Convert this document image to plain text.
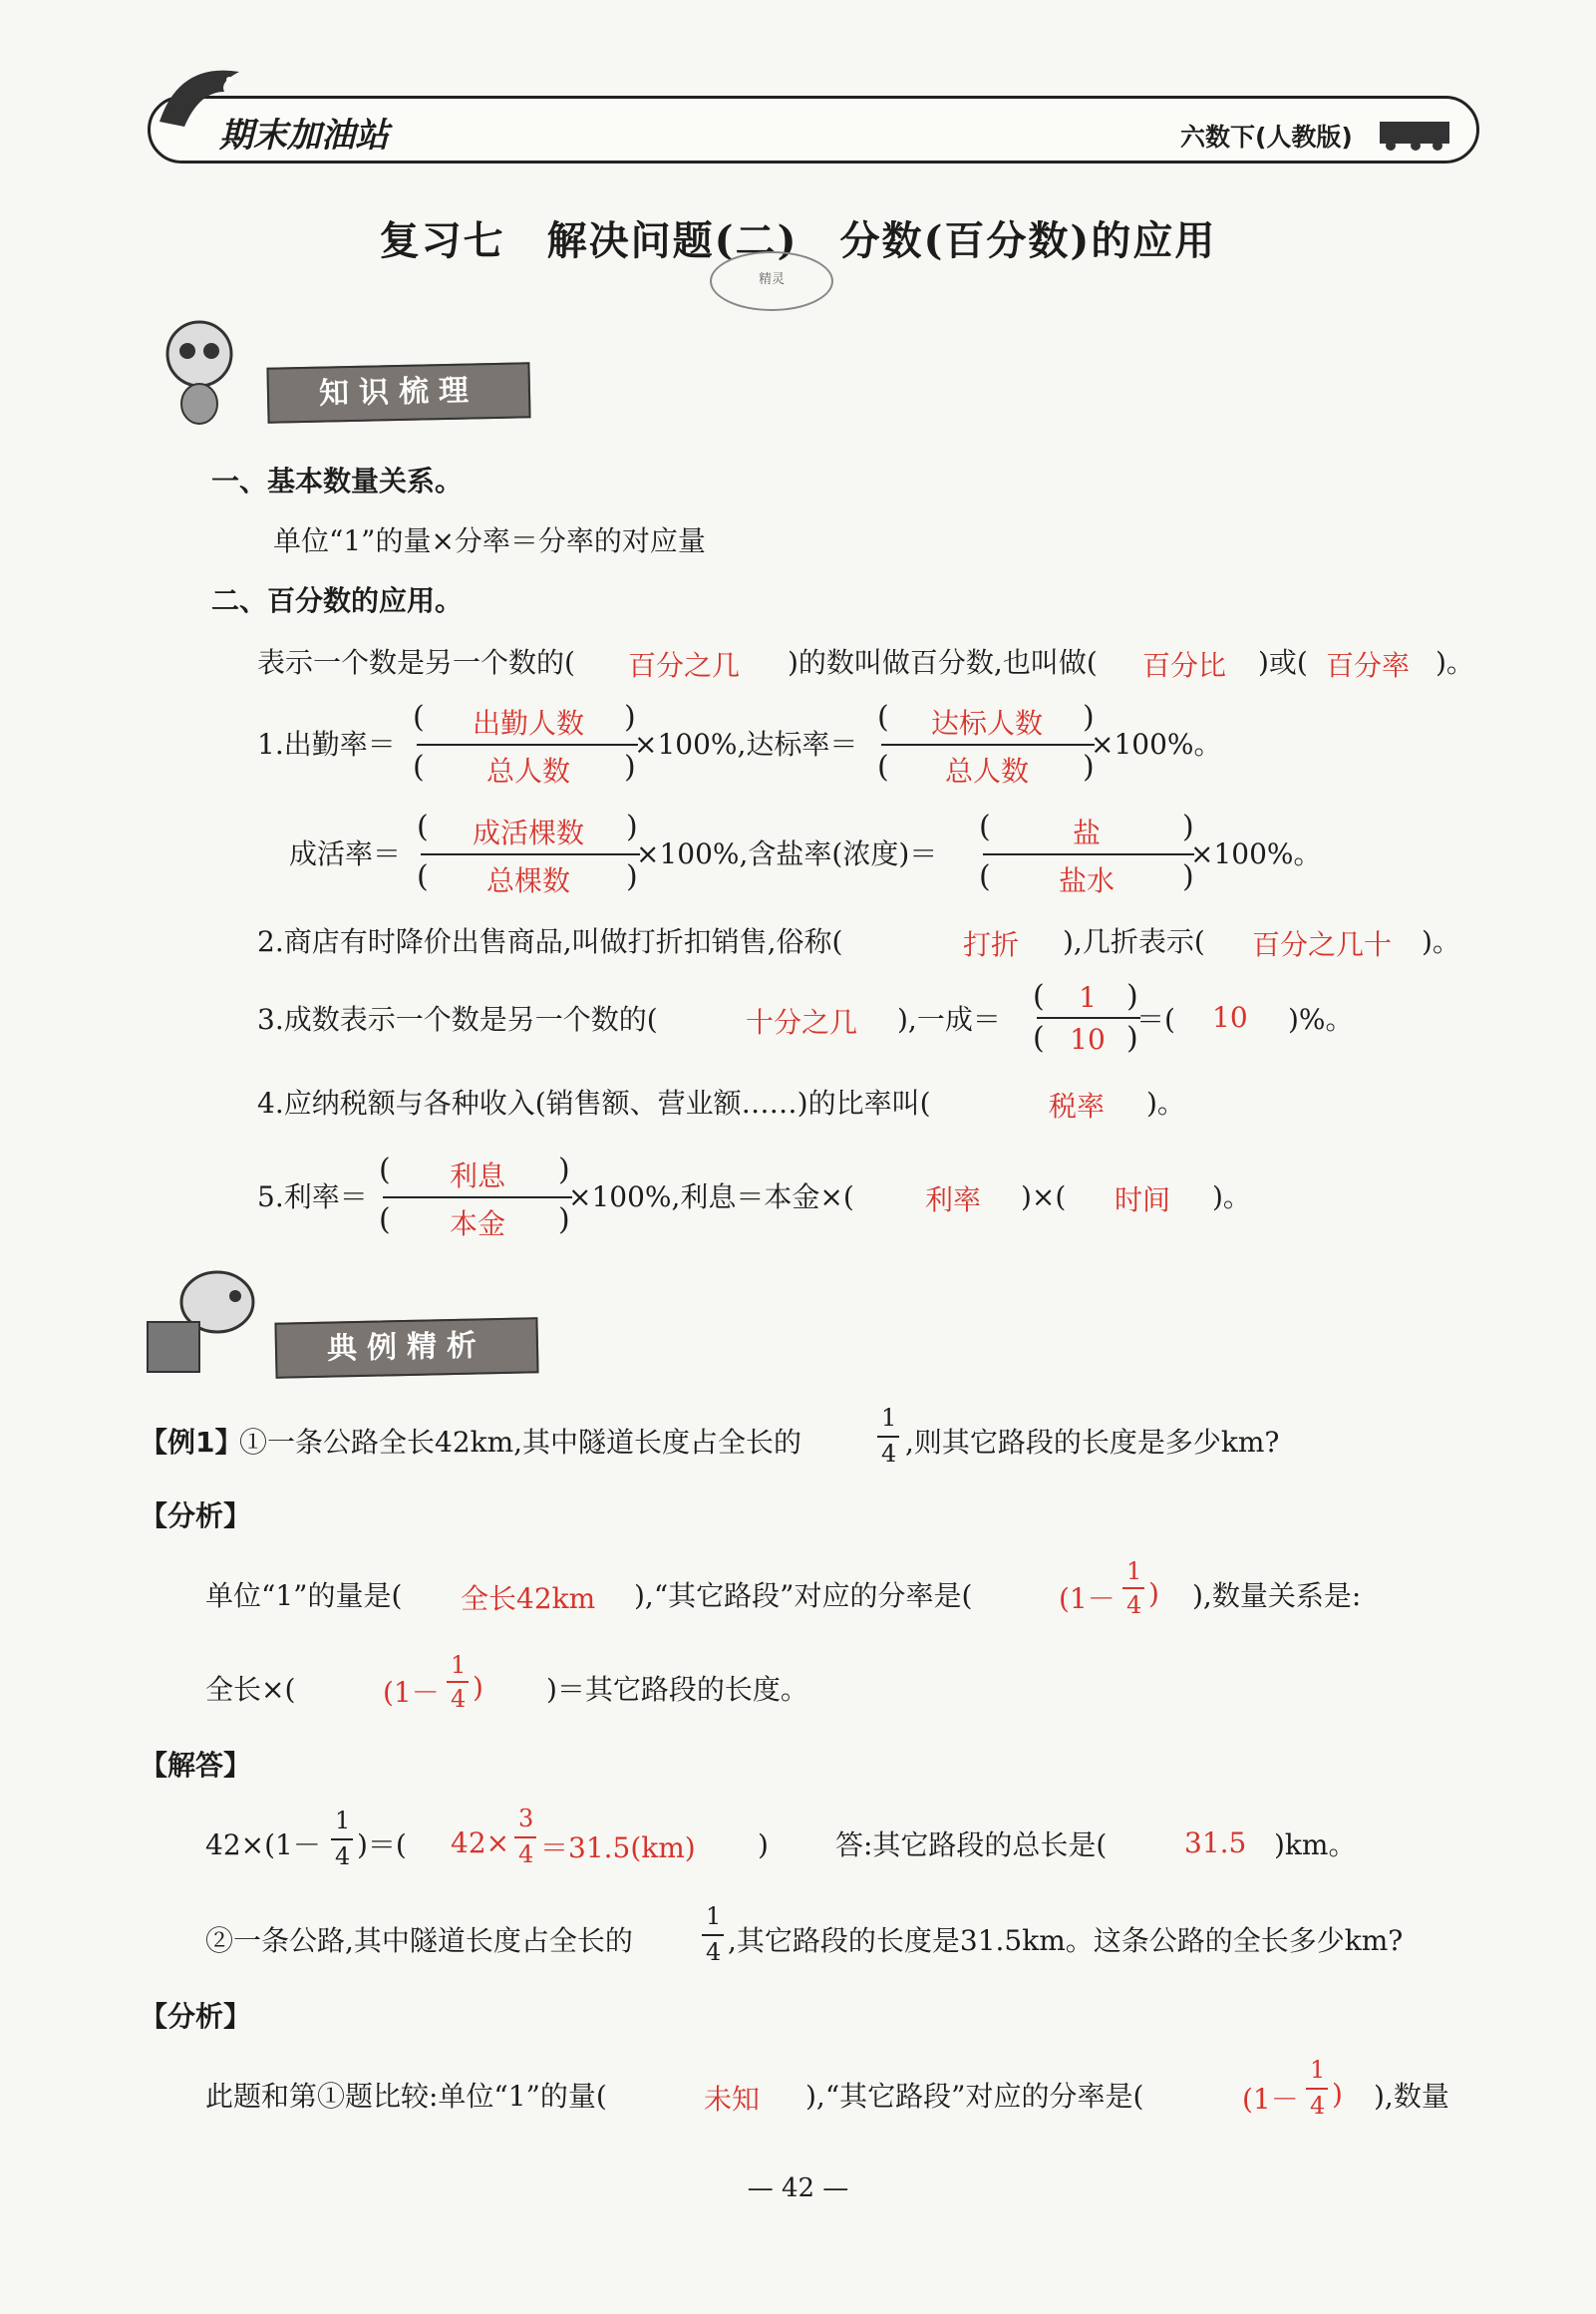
期末加油站	六数下(人教版)
复习七　解决问题(二)　分数(百分数)的应用
精灵
知识梳理
一、基本数量关系。
单位“1”的量×分率＝分率的对应量
二、百分数的应用。
表示一个数是另一个数的( 百分之几 )的数叫做百分数,也叫做( 百分比 )或( 百分率 )。
1.出勤率＝
(	)
(	)
出勤人数
总人数
×100%,达标率＝
(	)
(	)
达标人数
总人数
×100%。
成活率＝
(	)
(	)
成活棵数
总棵数
×100%,含盐率(浓度)＝
(	)
(	)
盐
盐水
×100%。
2.商店有时降价出售商品,叫做打折扣销售,俗称(	打折 ),几折表示( 百分之几十 )。
3.成数表示一个数是另一个数的(	十分之几 ),一成＝
(	)
(	)
1
10
＝( 10 )%。
4.应纳税额与各种收入(销售额、营业额……)的比率叫(	税率 )。
5.利率＝
(	)
(	)
利息
本金
×100%,利息＝本金×(	利率 )×( 时间 )。
典例精析
【例1】
①一条公路全长42km,其中隧道长度占全长的
1
4 ,则其它路段的长度是多少km?
【分析】
单位“1”的量是( 全长42km ),“其它路段”对应的分率是(	(1－
1
4 ) ),数量关系是:
全长×(	(1－
1
4 ) )＝其它路段的长度。
【解答】
42×(1－
1
4 )＝( 42×
3
4 ＝31.5(km) ) 答:其它路段的总长是(	31.5 )km。
②一条公路,其中隧道长度占全长的
1
4 ,其它路段的长度是31.5km。这条公路的全长多少km?
【分析】
此题和第①题比较:单位“1”的量(	未知 ),“其它路段”对应的分率是(	(1－
1
4 ) ),数量
— 42 —
